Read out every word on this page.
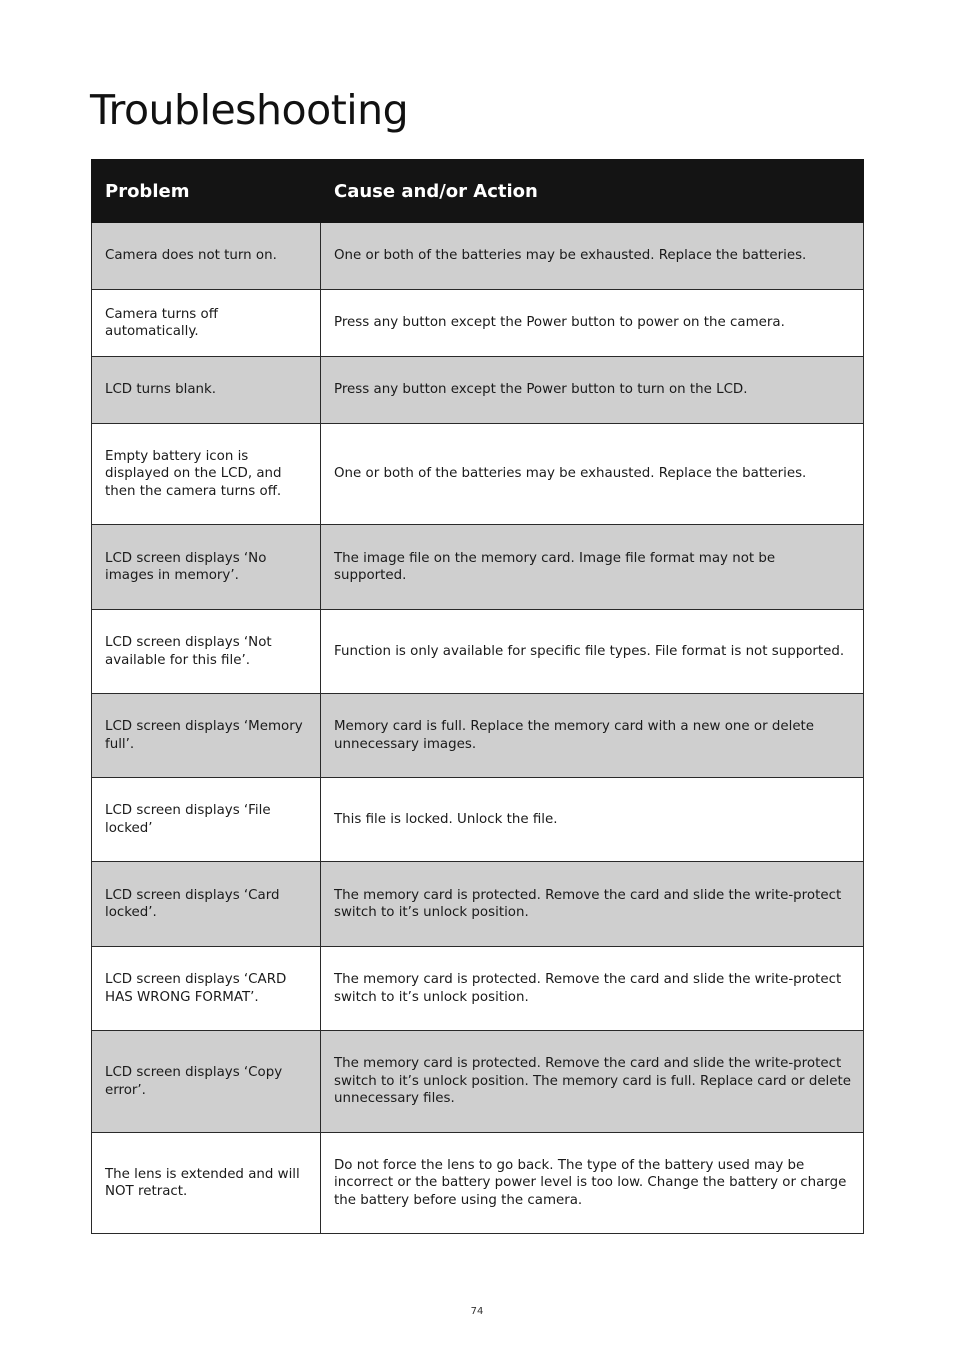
Troubleshooting
Problem	Cause and/or Action
Camera does not turn on.	One or both of the batteries may be exhausted. Replace the batteries.
Camera turns off automatically.	Press any button except the Power button to power on the camera.
LCD turns blank.	Press any button except the Power button to turn on the LCD.
Empty battery icon is displayed on the LCD, and then the camera turns off.	One or both of the batteries may be exhausted. Replace the batteries.
LCD screen displays ‘No images in memory’.	The image file on the memory card. Image file format may not be supported.
LCD screen displays ‘Not available for this file’.	Function is only available for specific file types. File format is not supported.
LCD screen displays ‘Memory full’.	Memory card is full. Replace the memory card with a new one or delete unnecessary images.
LCD screen displays ‘File locked’	This file is locked. Unlock the file.
LCD screen displays ‘Card locked’.	The memory card is protected. Remove the card and slide the write-protect switch to it’s unlock position.
LCD screen displays ‘CARD HAS WRONG FORMAT’.	The memory card is protected. Remove the card and slide the write-protect switch to it’s unlock position.
LCD screen displays ‘Copy error’.	The memory card is protected. Remove the card and slide the write-protect switch to it’s unlock position. The memory card is full. Replace card or delete unnecessary files.
The lens is extended and will NOT retract.	Do not force the lens to go back. The type of the battery used may be incorrect or the battery power level is too low. Change the battery or charge the battery before using the camera.
74
